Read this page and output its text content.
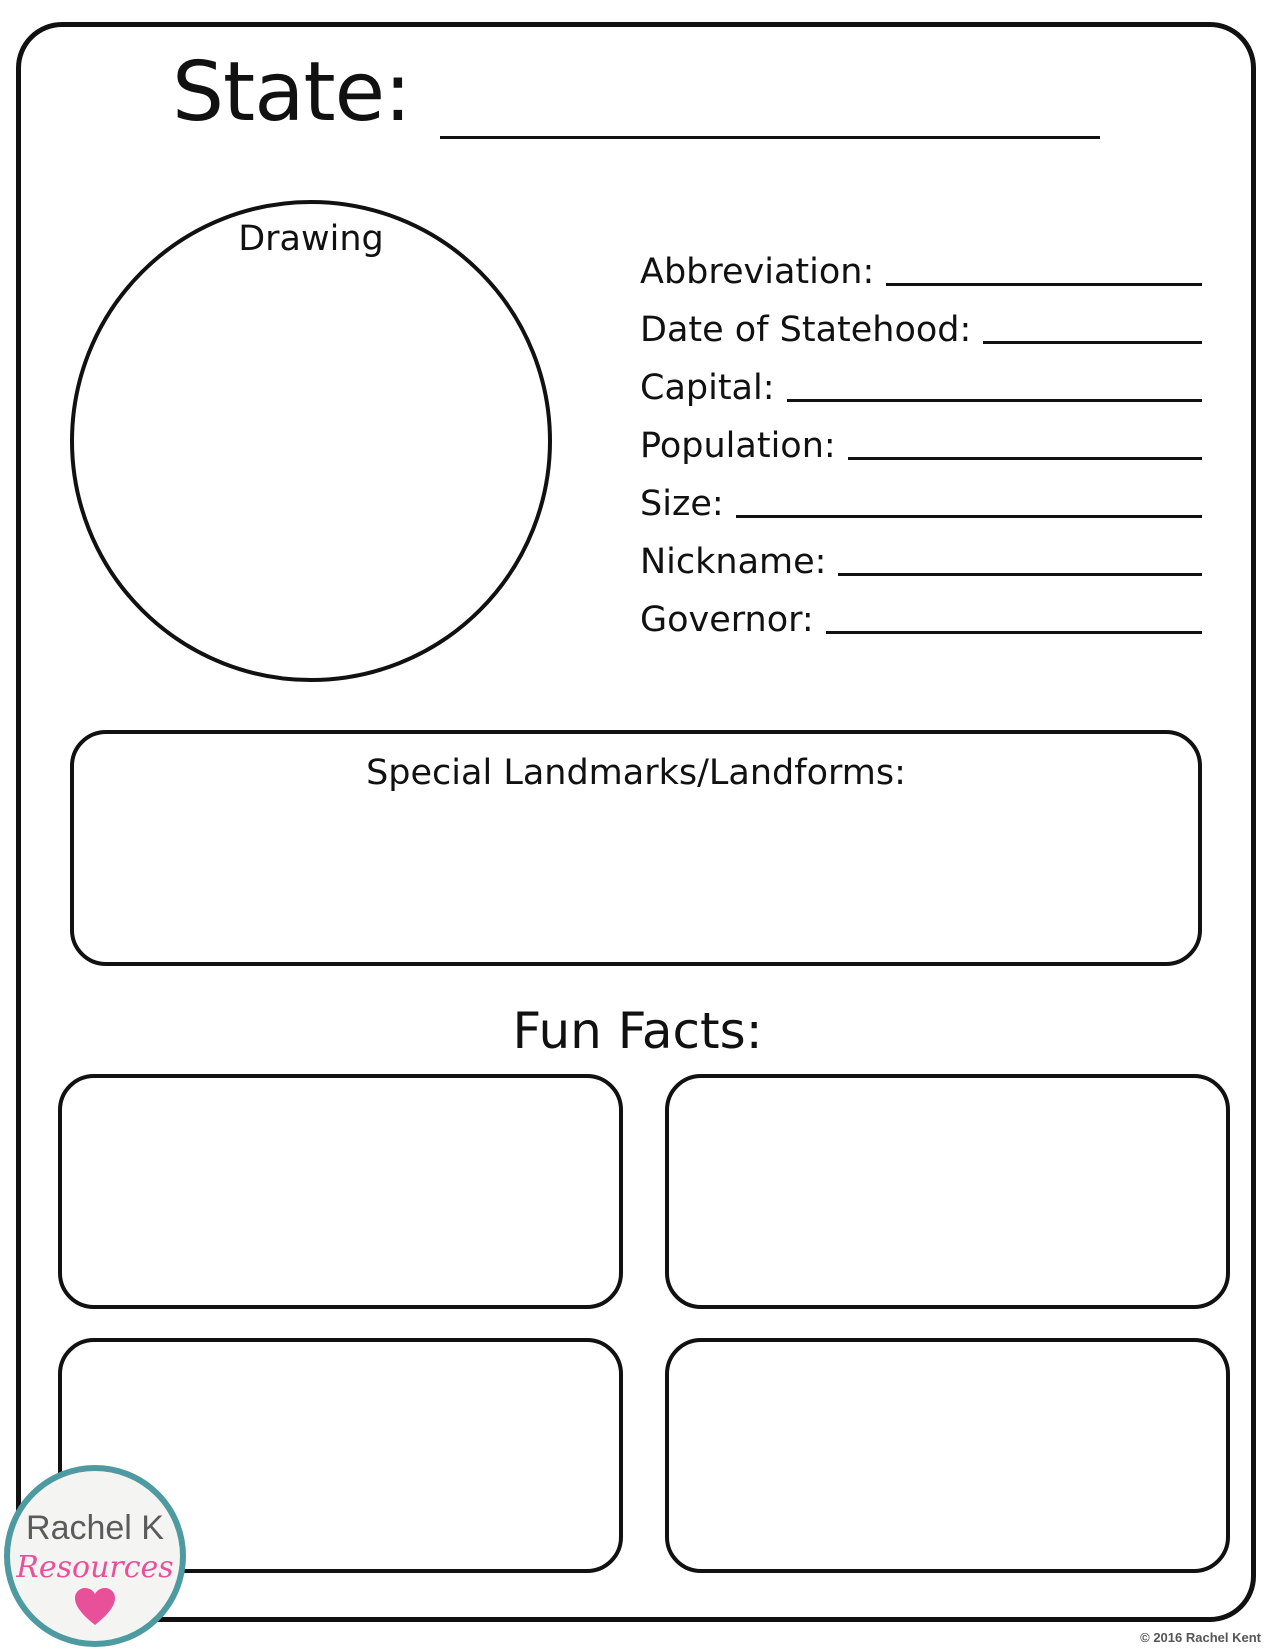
State:
Drawing
Abbreviation:
Date of Statehood:
Capital:
Population:
Size:
Nickname:
Governor:
Special Landmarks/Landforms:
Fun Facts:
Rachel K
Resources
© 2016 Rachel Kent
